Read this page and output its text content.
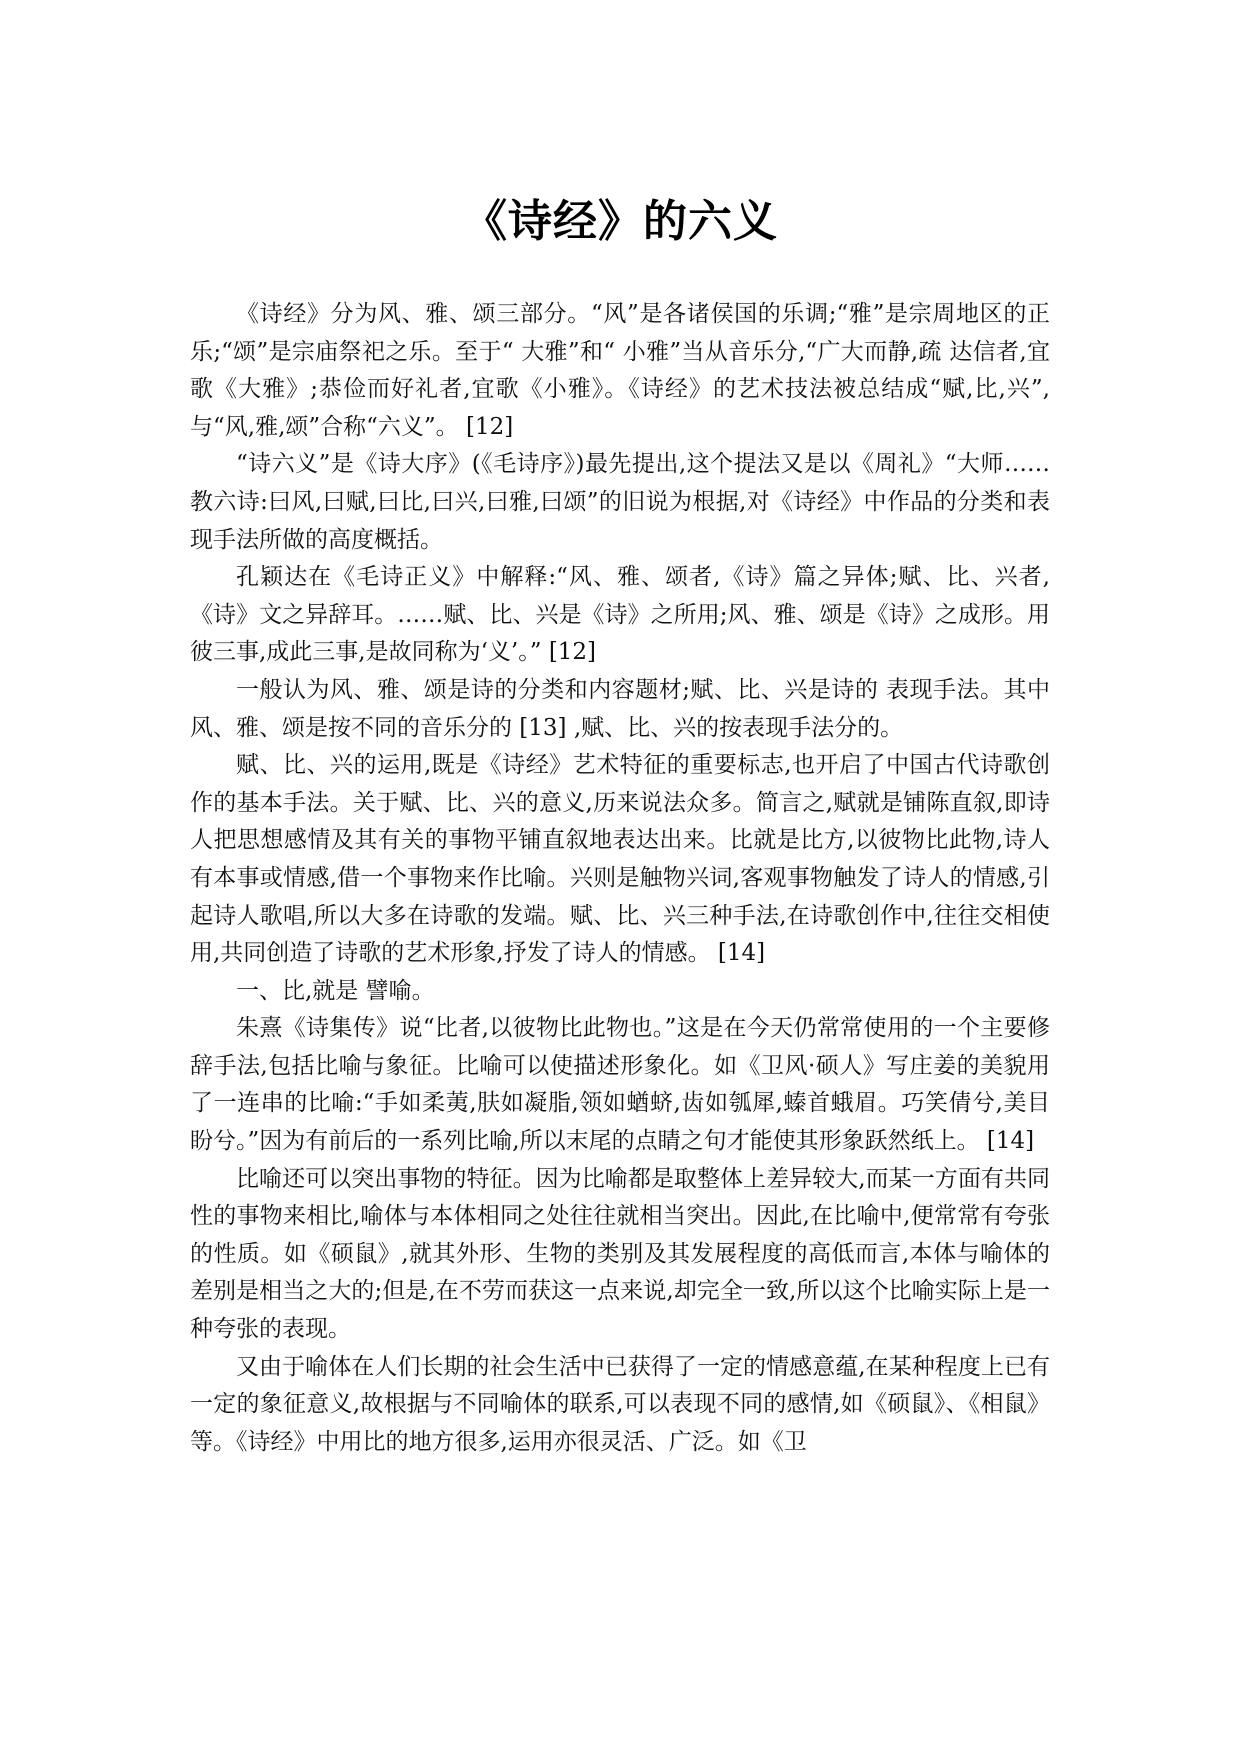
《诗经》的六义

《诗经》分为风、雅、颂三部分。“风”是各诸侯国的乐调;“雅”是宗周地区的正乐;“颂”是宗庙祭祀之乐。至于“ 大雅”和“ 小雅”当从音乐分,“广大而静,疏 达信者,宜歌《大雅》;恭俭而好礼者,宜歌《小雅》。《诗经》的艺术技法被总结成“赋,比,兴”,与“风,雅,颂”合称“六义”。 [12]

“诗六义”是《诗大序》(《毛诗序》)最先提出,这个提法又是以《周礼》“大师……教六诗:曰风,曰赋,曰比,曰兴,曰雅,曰颂”的旧说为根据,对《诗经》中作品的分类和表现手法所做的高度概括。

孔颖达在《毛诗正义》中解释:“风、雅、颂者,《诗》篇之异体;赋、比、兴者,《诗》文之异辞耳。……赋、比、兴是《诗》之所用;风、雅、颂是《诗》之成形。用彼三事,成此三事,是故同称为‘义’。” [12]

一般认为风、雅、颂是诗的分类和内容题材;赋、比、兴是诗的 表现手法。其中风、雅、颂是按不同的音乐分的 [13] ,赋、比、兴的按表现手法分的。

赋、比、兴的运用,既是《诗经》艺术特征的重要标志,也开启了中国古代诗歌创作的基本手法。关于赋、比、兴的意义,历来说法众多。简言之,赋就是铺陈直叙,即诗人把思想感情及其有关的事物平铺直叙地表达出来。比就是比方,以彼物比此物,诗人有本事或情感,借一个事物来作比喻。兴则是触物兴词,客观事物触发了诗人的情感,引起诗人歌唱,所以大多在诗歌的发端。赋、比、兴三种手法,在诗歌创作中,往往交相使用,共同创造了诗歌的艺术形象,抒发了诗人的情感。 [14]

一、比,就是 譬喻。

朱熹《诗集传》说“比者,以彼物比此物也。”这是在今天仍常常使用的一个主要修辞手法,包括比喻与象征。比喻可以使描述形象化。如《卫风·硕人》写庄姜的美貌用了一连串的比喻:“手如柔荑,肤如凝脂,领如蝤蛴,齿如瓠犀,螓首蛾眉。巧笑倩兮,美目盼兮。”因为有前后的一系列比喻,所以末尾的点睛之句才能使其形象跃然纸上。 [14]

比喻还可以突出事物的特征。因为比喻都是取整体上差异较大,而某一方面有共同性的事物来相比,喻体与本体相同之处往往就相当突出。因此,在比喻中,便常常有夸张的性质。如《硕鼠》,就其外形、生物的类别及其发展程度的高低而言,本体与喻体的差别是相当之大的;但是,在不劳而获这一点来说,却完全一致,所以这个比喻实际上是一种夸张的表现。

又由于喻体在人们长期的社会生活中已获得了一定的情感意蕴,在某种程度上已有一定的象征意义,故根据与不同喻体的联系,可以表现不同的感情,如《硕鼠》、《相鼠》等。《诗经》中用比的地方很多,运用亦很灵活、广泛。如《卫
